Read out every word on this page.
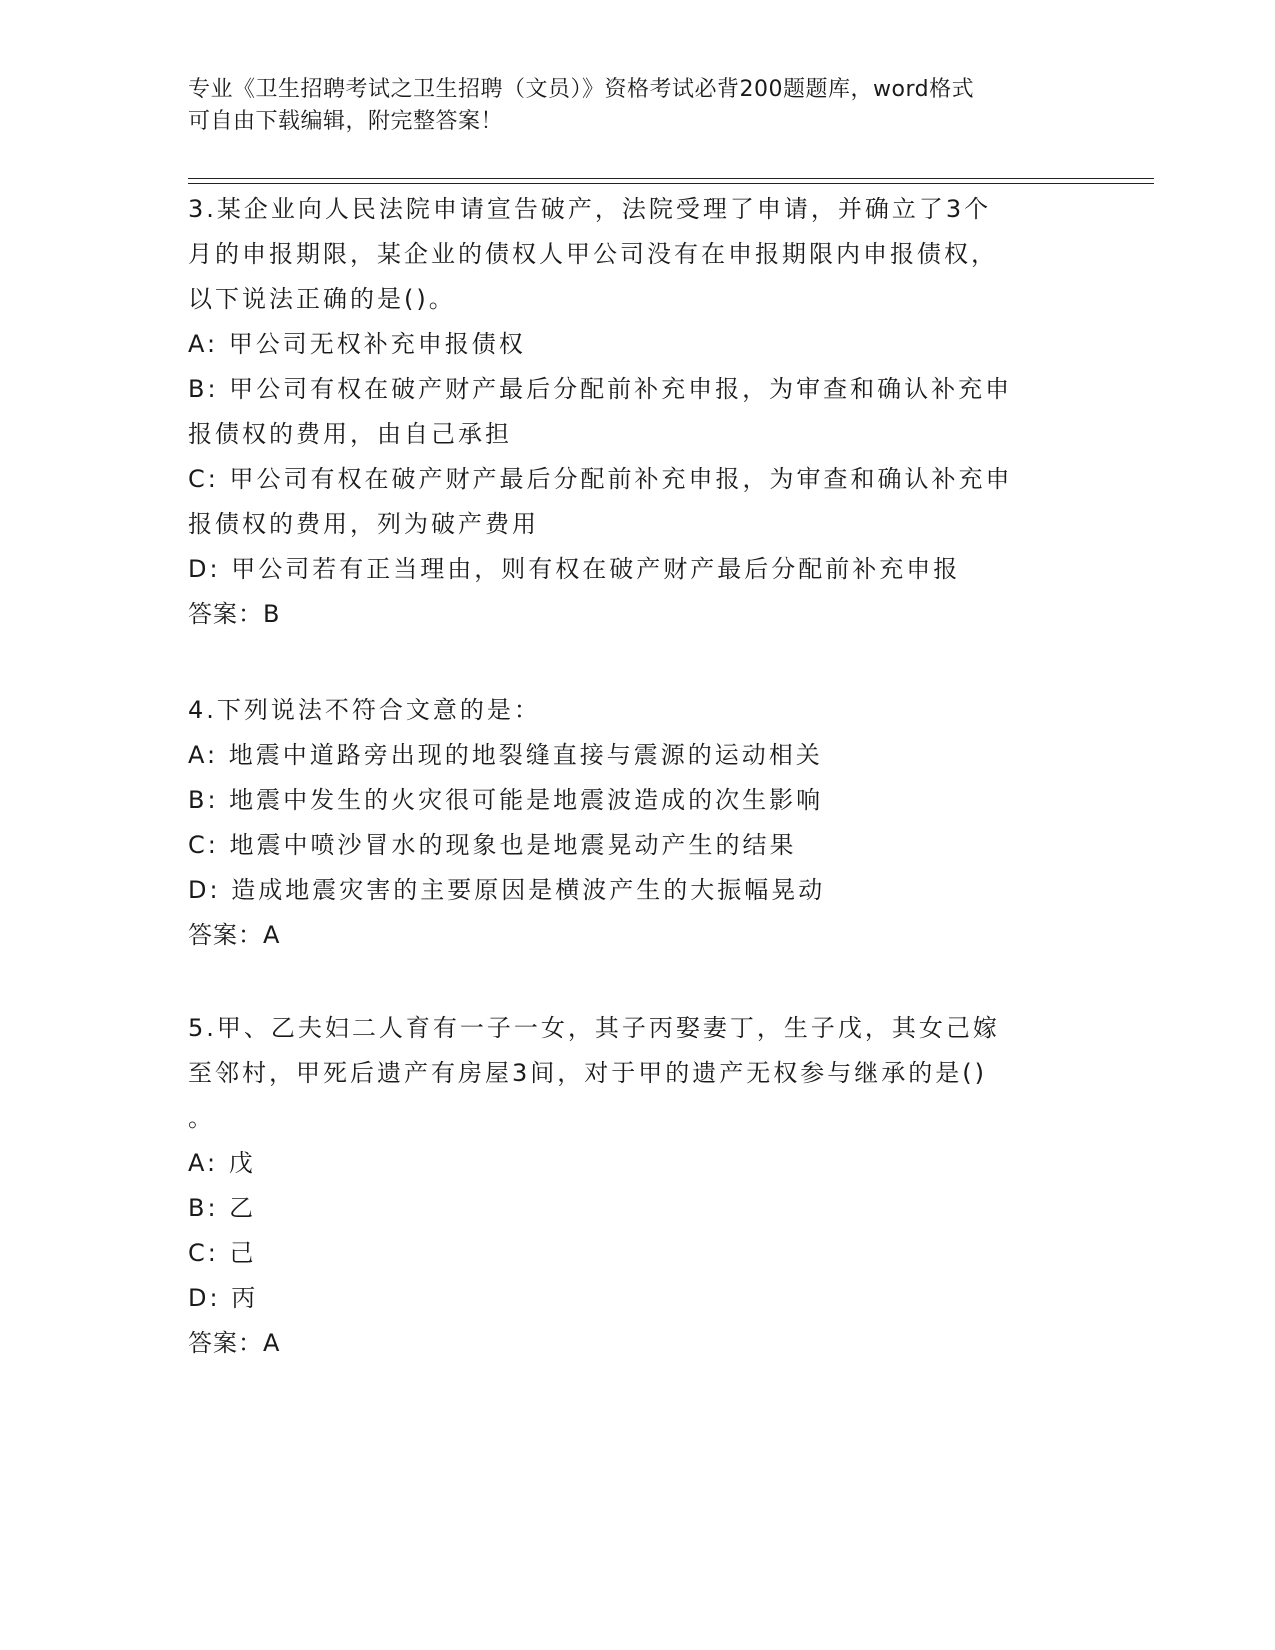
专业《卫生招聘考试之卫生招聘（文员）》资格考试必背200题题库，word格式
可自由下载编辑，附完整答案！
3.某企业向人民法院申请宣告破产，法院受理了申请，并确立了3个
月的申报期限，某企业的债权人甲公司没有在申报期限内申报债权，
以下说法正确的是()。
A: 甲公司无权补充申报债权
B: 甲公司有权在破产财产最后分配前补充申报，为审查和确认补充申
报债权的费用，由自己承担
C: 甲公司有权在破产财产最后分配前补充申报，为审查和确认补充申
报债权的费用，列为破产费用
D: 甲公司若有正当理由，则有权在破产财产最后分配前补充申报
答案：B
4.下列说法不符合文意的是：
A: 地震中道路旁出现的地裂缝直接与震源的运动相关
B: 地震中发生的火灾很可能是地震波造成的次生影响
C: 地震中喷沙冒水的现象也是地震晃动产生的结果
D: 造成地震灾害的主要原因是横波产生的大振幅晃动
答案：A
5.甲、乙夫妇二人育有一子一女，其子丙娶妻丁，生子戊，其女己嫁
至邻村，甲死后遗产有房屋3间，对于甲的遗产无权参与继承的是()
。
A: 戊
B: 乙
C: 己
D: 丙
答案：A
